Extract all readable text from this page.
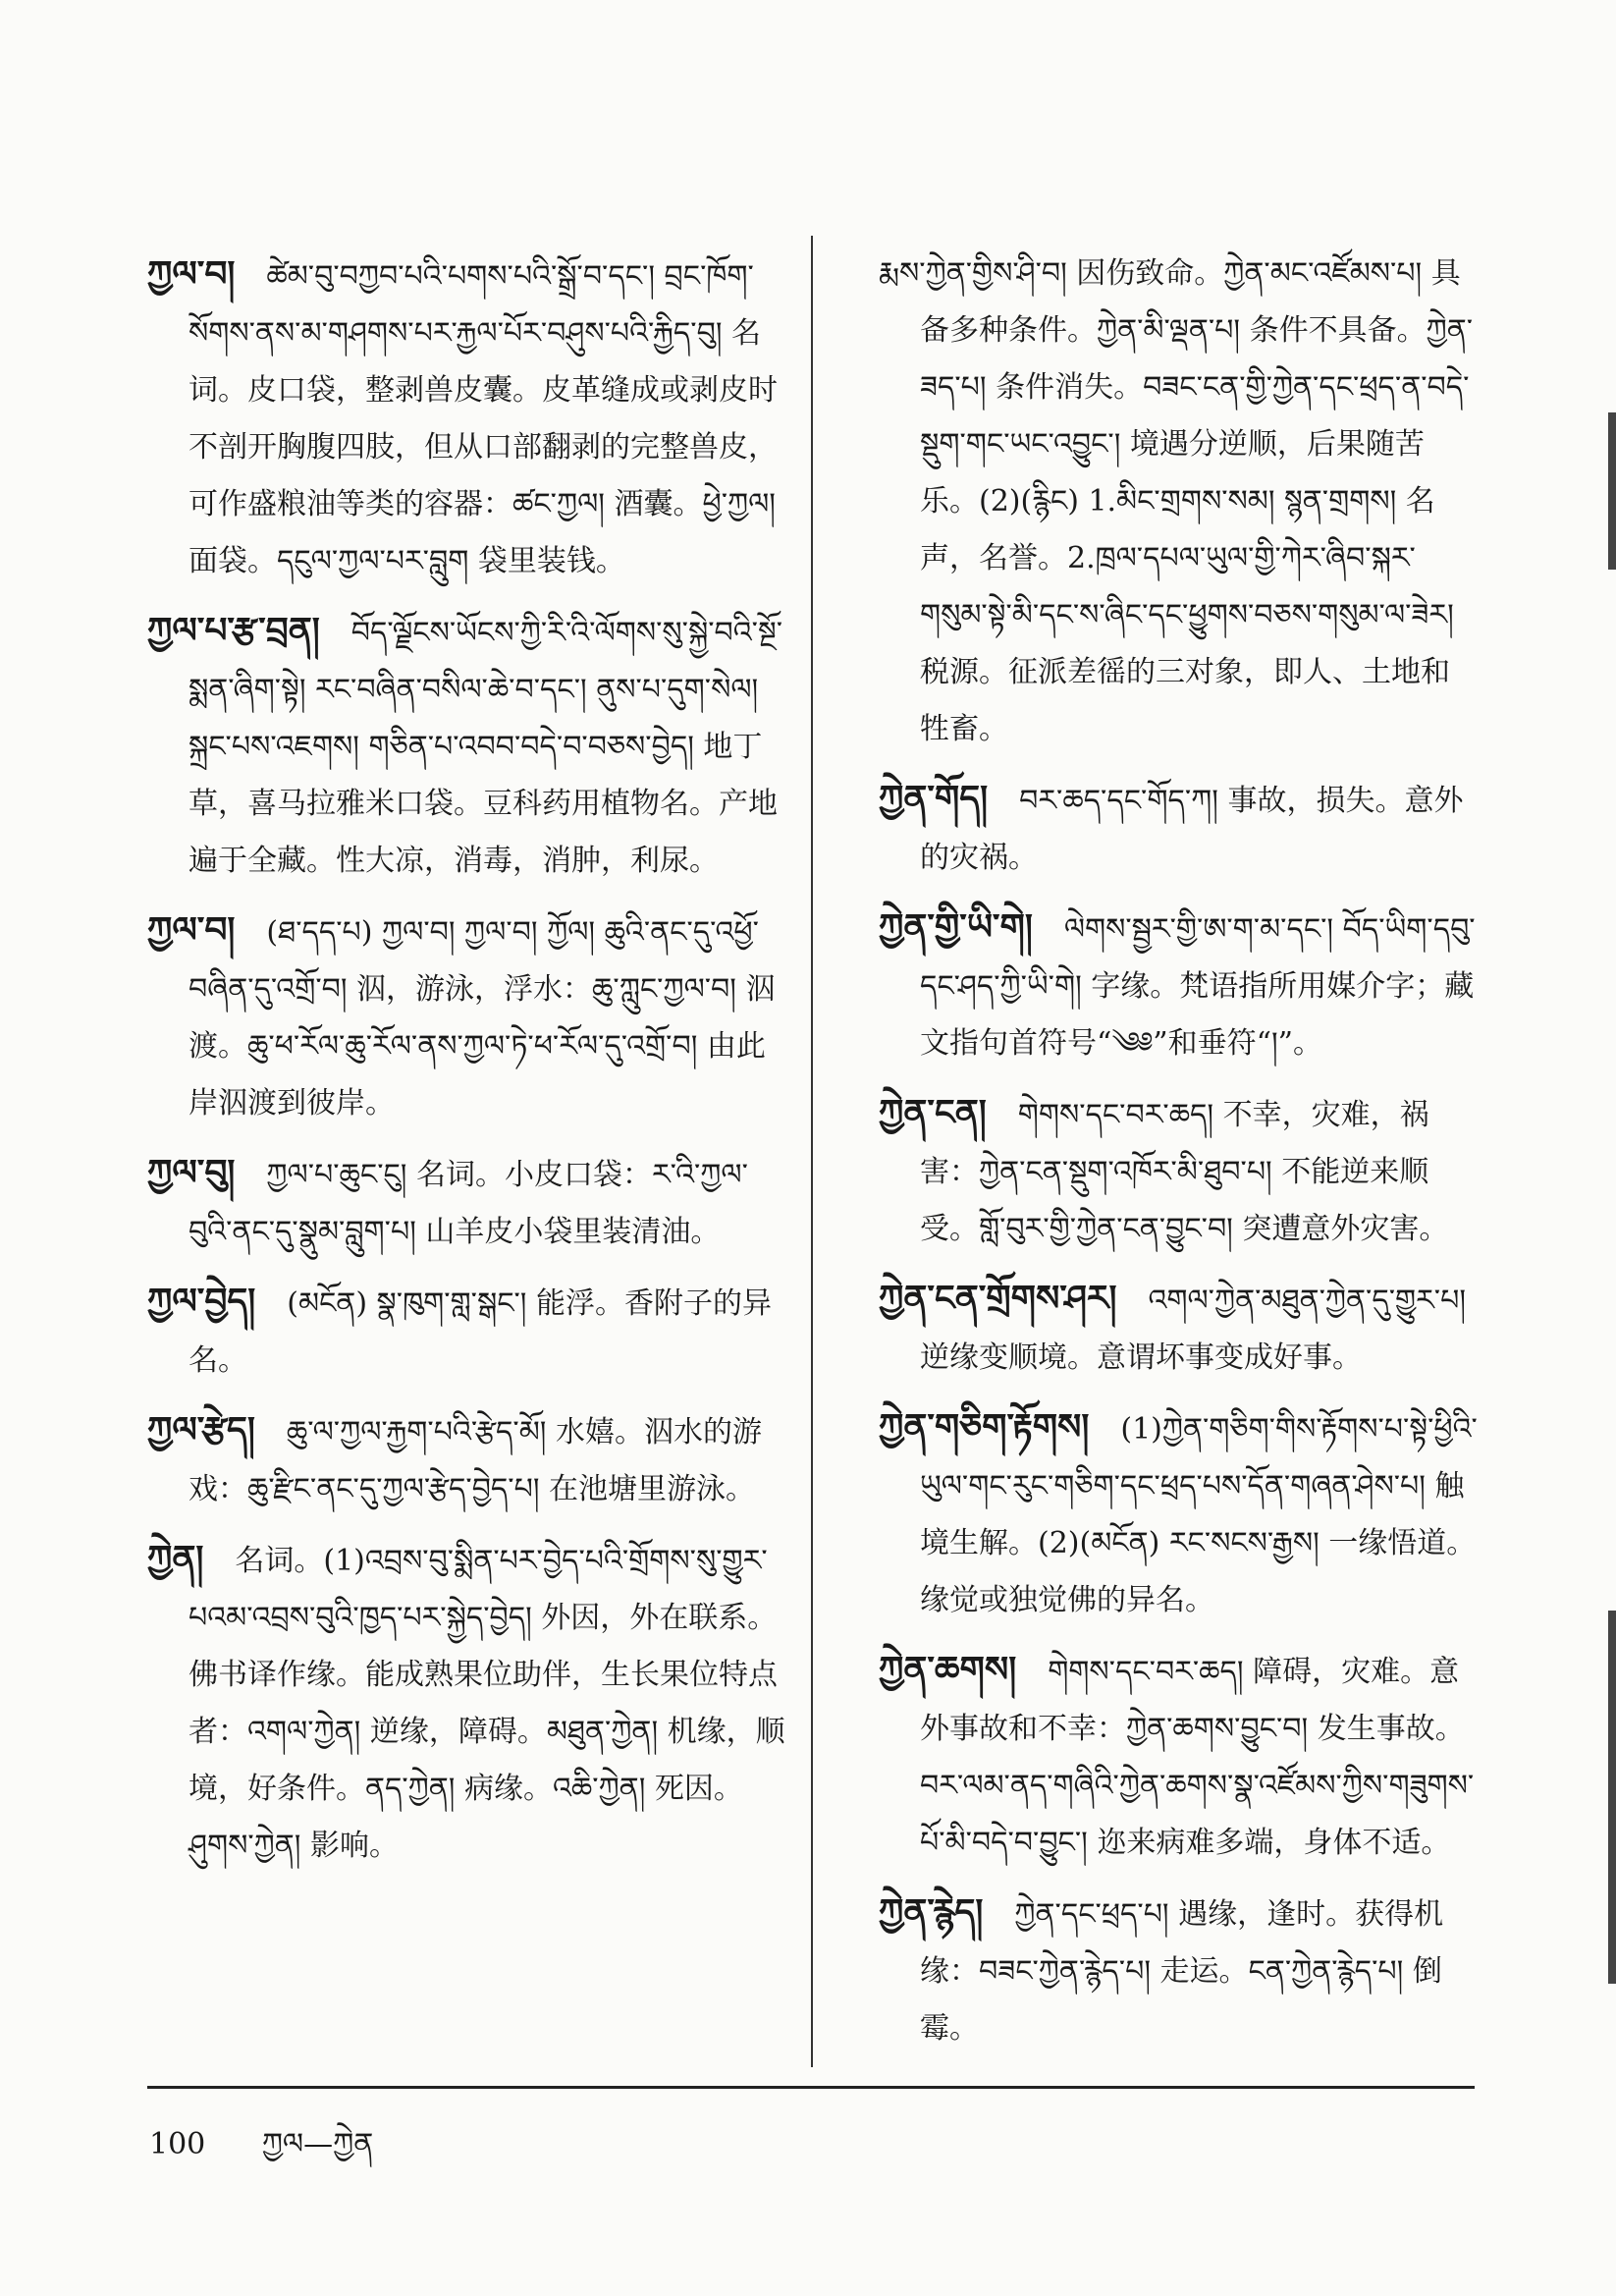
ཀྱལ་བ། ཚེམ་བུ་བཀྱབ་པའི་པགས་པའི་སྒྲོ་བ་དང་། བྲང་ཁོག་སོགས་ནས་མ་གཤགས་པར་རྐྱལ་པོར་བཤུས་པའི་རྐྱིད་བུ། 名词。皮口袋，整剥兽皮囊。皮革缝成或剥皮时不剖开胸腹四肢，但从口部翻剥的完整兽皮，可作盛粮油等类的容器：ཚང་ཀྱལ། 酒囊。ཕྱེ་ཀྱལ། 面袋。དངུལ་ཀྱལ་པར་བླུག 袋里装钱。

ཀྱལ་པ་རྩ་བྲན། བོད་ལྗོངས་ཡོངས་ཀྱི་རི་འི་ལོགས་སུ་སྐྱེ་བའི་སྔོ་སྨན་ཞིག་སྟེ། རང་བཞིན་བསིལ་ཆེ་བ་དང་། ནུས་པ་དུག་སེལ། སྐྲང་པས་འཇགས། གཅིན་པ་འབབ་བདེ་བ་བཅས་བྱེད། 地丁草，喜马拉雅米口袋。豆科药用植物名。产地遍于全藏。性大凉，消毒，消肿，利尿。

ཀྱལ་བ། (ཐ་དད་པ) ཀྱལ་བ། ཀྱལ་བ། ཀྱོལ། ཆུའི་ནང་དུ་འཕྱོ་བཞིན་དུ་འགྲོ་བ། 泅，游泳，浮水：ཆུ་ཀླུང་ཀྱལ་བ། 泅渡。ཆུ་ཕ་རོལ་ཆུ་རོལ་ནས་ཀྱལ་ཏེ་ཕ་རོལ་དུ་འགྲོ་བ། 由此岸泅渡到彼岸。

ཀྱལ་བུ། ཀྱལ་པ་ཆུང་ངུ། 名词。小皮口袋：ར་འི་ཀྱལ་བུའི་ནང་དུ་སྣུམ་བླུག་པ། 山羊皮小袋里装清油。

ཀྱལ་བྱེད། (མངོན) སྣ་ཁུག་གླ་སྒང་། 能浮。香附子的异名。

ཀྱལ་རྩེད། ཆུ་ལ་ཀྱལ་རྐྱག་པའི་རྩེད་མོ། 水嬉。泅水的游戏：ཆུ་རྫིང་ནང་དུ་ཀྱལ་རྩེད་བྱེད་པ། 在池塘里游泳。

ཀྱེན། 名词。(1)འབྲས་བུ་སྨིན་པར་བྱེད་པའི་གྲོགས་སུ་གྱུར་པའམ་འབྲས་བུའི་ཁྱད་པར་སྐྱེད་བྱེད། 外因，外在联系。佛书译作缘。能成熟果位助伴，生长果位特点者：འགལ་ཀྱེན། 逆缘，障碍。མཐུན་ཀྱེན། 机缘，顺境，好条件。ནད་ཀྱེན། 病缘。འཆི་ཀྱེན། 死因。ཤུགས་ཀྱེན། 影响。

རྨས་ཀྱེན་གྱིས་ཤི་བ། 因伤致命。ཀྱེན་མང་འཛོམས་པ། 具备多种条件。ཀྱེན་མི་ལྡན་པ། 条件不具备。ཀྱེན་ཟད་པ། 条件消失。བཟང་ངན་གྱི་ཀྱེན་དང་ཕྲད་ན་བདེ་སྡུག་གང་ཡང་འབྱུང་། 境遇分逆顺，后果随苦乐。(2)(རྙིང) 1.མིང་གྲགས་སམ། སྙན་གྲགས། 名声，名誉。2.ཁྲལ་དཔལ་ཡུལ་གྱི་ཀེར་ཞིབ་སྐར་གསུམ་སྟེ་མི་དང་ས་ཞིང་དང་ཕྱུགས་བཅས་གསུམ་ལ་ཟེར། 税源。征派差徭的三对象，即人、土地和牲畜。

ཀྱེན་གོད། བར་ཆད་དང་གོད་ཀ། 事故，损失。意外的灾祸。

ཀྱེན་གྱི་ཡི་གེ། ལེགས་སྦྱར་གྱི་ཨ་ག་མ་དང་། བོད་ཡིག་དབུ་དང་ཤད་ཀྱི་ཡི་གེ། 字缘。梵语指所用媒介字；藏文指句首符号“༄༅”和垂符“།”。

ཀྱེན་ངན། གེགས་དང་བར་ཆད། 不幸，灾难，祸害：ཀྱེན་ངན་སྡུག་འཁོར་མི་ཐུབ་པ། 不能逆来顺受。གློ་བུར་གྱི་ཀྱེན་ངན་བྱུང་བ། 突遭意外灾害。

ཀྱེན་ངན་གྲོགས་ཤར། འགལ་ཀྱེན་མཐུན་ཀྱེན་དུ་གྱུར་པ། 逆缘变顺境。意谓坏事变成好事。

ཀྱེན་གཅིག་རྟོགས། (1)ཀྱེན་གཅིག་གིས་རྟོགས་པ་སྟེ་ཕྱིའི་ཡུལ་གང་རུང་གཅིག་དང་ཕྲད་པས་དོན་གཞན་ཤེས་པ། 触境生解。(2)(མངོན) རང་སངས་རྒྱས། 一缘悟道。缘觉或独觉佛的异名。

ཀྱེན་ཆགས། གེགས་དང་བར་ཆད། 障碍，灾难。意外事故和不幸：ཀྱེན་ཆགས་བྱུང་བ། 发生事故。བར་ལམ་ནད་གཞིའི་ཀྱེན་ཆགས་སྣ་འཛོམས་ཀྱིས་གཟུགས་པོ་མི་བདེ་བ་བྱུང་། 迩来病难多端，身体不适。

ཀྱེན་རྙེད། ཀྱེན་དང་ཕྲད་པ། 遇缘，逢时。获得机缘：བཟང་ཀྱེན་རྙེད་པ། 走运。ངན་ཀྱེན་རྙེད་པ། 倒霉。

100 ཀྱལ—ཀྱེན
